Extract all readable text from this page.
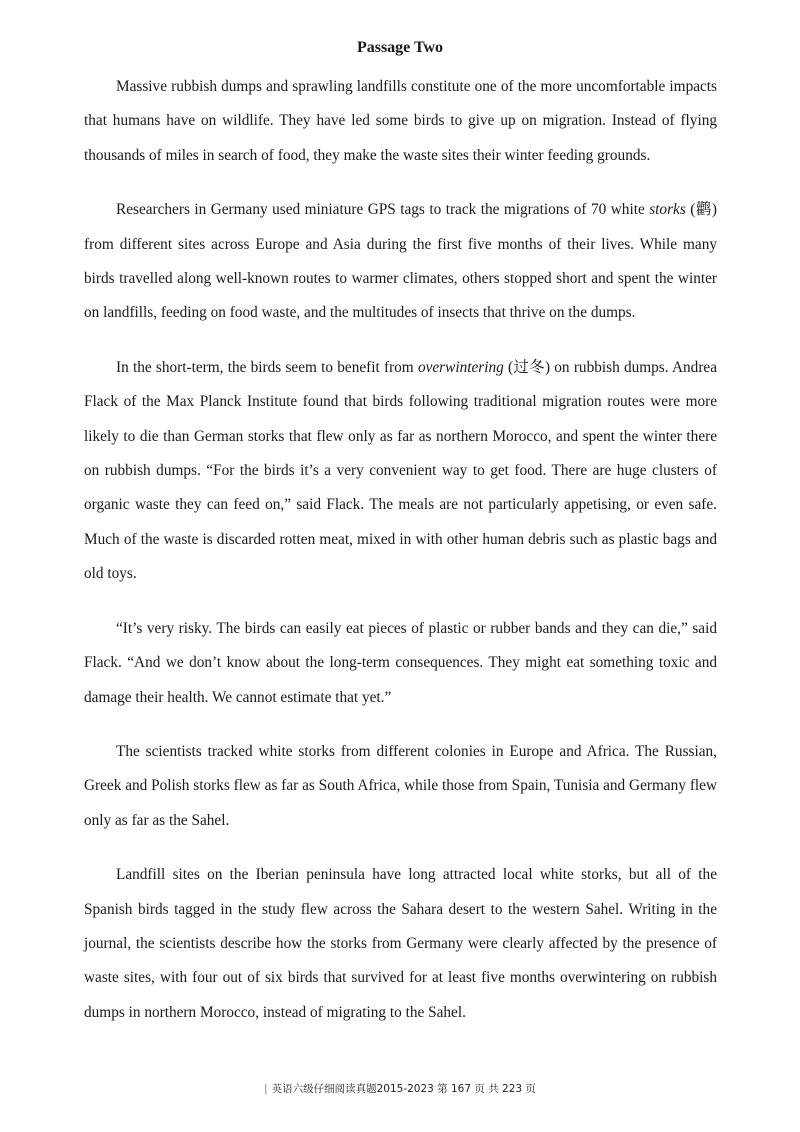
Passage Two

Massive rubbish dumps and sprawling landfills constitute one of the more uncomfortable impacts that humans have on wildlife. They have led some birds to give up on migration. Instead of flying thousands of miles in search of food, they make the waste sites their winter feeding grounds.

Researchers in Germany used miniature GPS tags to track the migrations of 70 white storks (鹳) from different sites across Europe and Asia during the first five months of their lives. While many birds travelled along well-known routes to warmer climates, others stopped short and spent the winter on landfills, feeding on food waste, and the multitudes of insects that thrive on the dumps.

In the short-term, the birds seem to benefit from overwintering (过冬) on rubbish dumps. Andrea Flack of the Max Planck Institute found that birds following traditional migration routes were more likely to die than German storks that flew only as far as northern Morocco, and spent the winter there on rubbish dumps. “For the birds it’s a very convenient way to get food. There are huge clusters of organic waste they can feed on,” said Flack. The meals are not particularly appetising, or even safe. Much of the waste is discarded rotten meat, mixed in with other human debris such as plastic bags and old toys.

“It’s very risky. The birds can easily eat pieces of plastic or rubber bands and they can die,” said Flack. “And we don’t know about the long-term consequences. They might eat something toxic and damage their health. We cannot estimate that yet.”

The scientists tracked white storks from different colonies in Europe and Africa. The Russian, Greek and Polish storks flew as far as South Africa, while those from Spain, Tunisia and Germany flew only as far as the Sahel.

Landfill sites on the Iberian peninsula have long attracted local white storks, but all of the Spanish birds tagged in the study flew across the Sahara desert to the western Sahel. Writing in the journal, the scientists describe how the storks from Germany were clearly affected by the presence of waste sites, with four out of six birds that survived for at least five months overwintering on rubbish dumps in northern Morocco, instead of migrating to the Sahel.

| 英语六级仔细阅读真题2015-2023 第 167 页 共 223 页
